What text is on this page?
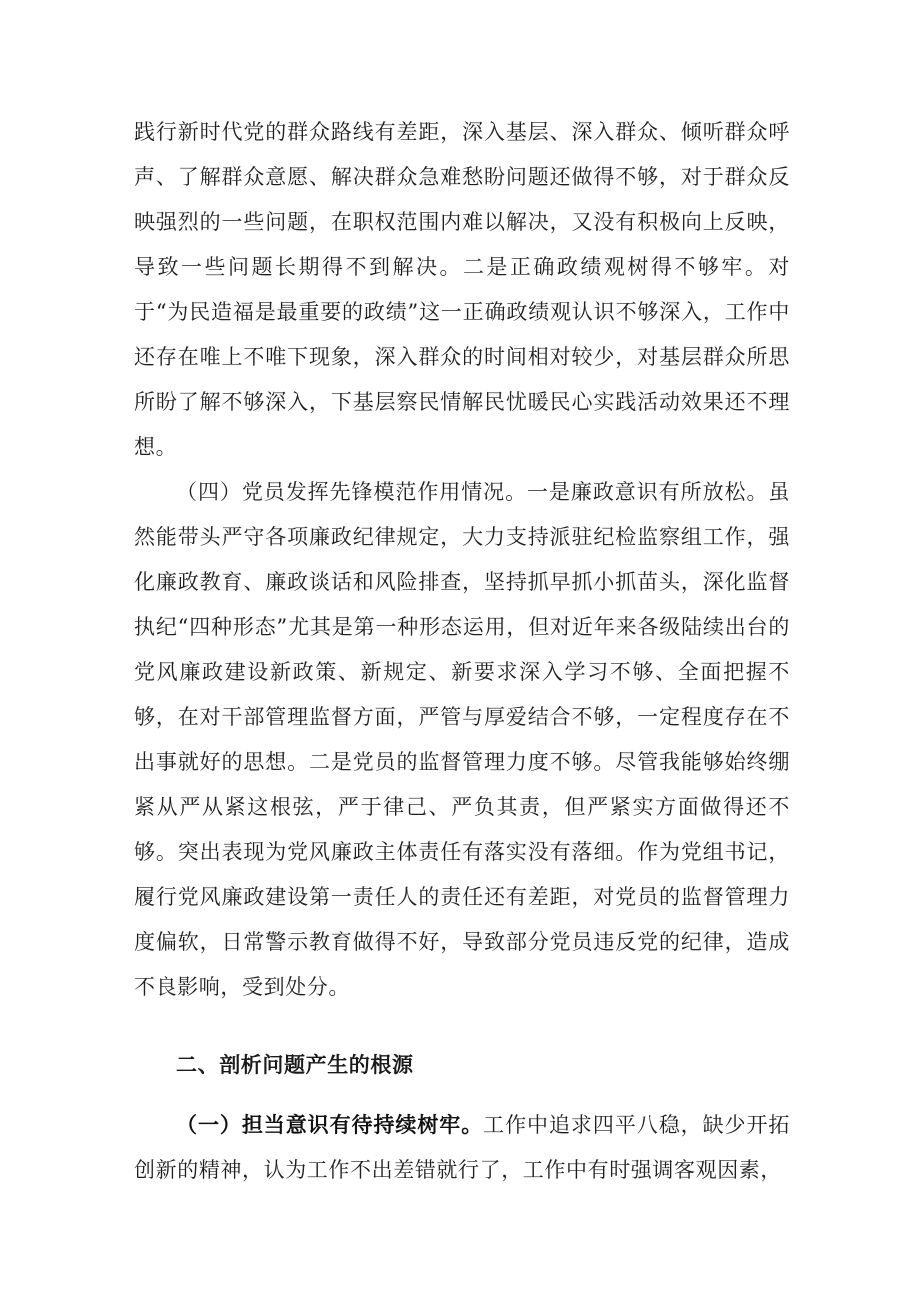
践行新时代党的群众路线有差距，深入基层、深入群众、倾听群众呼声、了解群众意愿、解决群众急难愁盼问题还做得不够，对于群众反映强烈的一些问题，在职权范围内难以解决，又没有积极向上反映，导致一些问题长期得不到解决。二是正确政绩观树得不够牢。对于“为民造福是最重要的政绩”这一正确政绩观认识不够深入，工作中还存在唯上不唯下现象，深入群众的时间相对较少，对基层群众所思所盼了解不够深入，下基层察民情解民忧暖民心实践活动效果还不理想。

（四）党员发挥先锋模范作用情况。一是廉政意识有所放松。虽然能带头严守各项廉政纪律规定，大力支持派驻纪检监察组工作，强化廉政教育、廉政谈话和风险排查，坚持抓早抓小抓苗头，深化监督执纪“四种形态”尤其是第一种形态运用，但对近年来各级陆续出台的党风廉政建设新政策、新规定、新要求深入学习不够、全面把握不够，在对干部管理监督方面，严管与厚爱结合不够，一定程度存在不出事就好的思想。二是党员的监督管理力度不够。尽管我能够始终绷紧从严从紧这根弦，严于律己、严负其责，但严紧实方面做得还不够。突出表现为党风廉政主体责任有落实没有落细。作为党组书记，履行党风廉政建设第一责任人的责任还有差距，对党员的监督管理力度偏软，日常警示教育做得不好，导致部分党员违反党的纪律，造成不良影响，受到处分。

二、剖析问题产生的根源

（一）担当意识有待持续树牢。工作中追求四平八稳，缺少开拓创新的精神，认为工作不出差错就行了，工作中有时强调客观因素，
